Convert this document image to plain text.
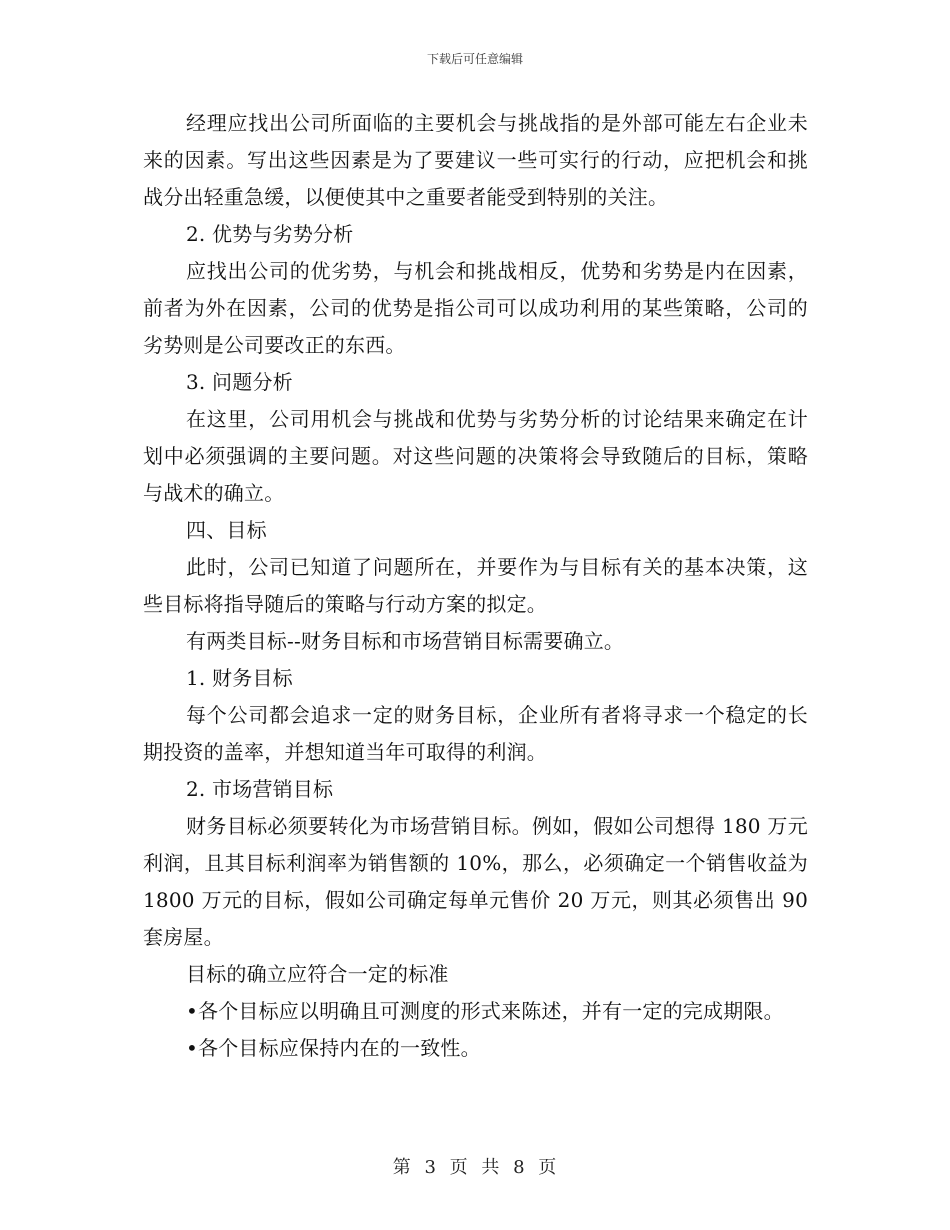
下载后可任意编辑

经理应找出公司所面临的主要机会与挑战指的是外部可能左右企业未来的因素。写出这些因素是为了要建议一些可实行的行动，应把机会和挑战分出轻重急缓，以便使其中之重要者能受到特别的关注。

2. 优势与劣势分析

应找出公司的优劣势，与机会和挑战相反，优势和劣势是内在因素，前者为外在因素，公司的优势是指公司可以成功利用的某些策略，公司的劣势则是公司要改正的东西。

3. 问题分析

在这里，公司用机会与挑战和优势与劣势分析的讨论结果来确定在计划中必须强调的主要问题。对这些问题的决策将会导致随后的目标，策略与战术的确立。

四、目标

此时，公司已知道了问题所在，并要作为与目标有关的基本决策，这些目标将指导随后的策略与行动方案的拟定。

有两类目标--财务目标和市场营销目标需要确立。

1. 财务目标

每个公司都会追求一定的财务目标，企业所有者将寻求一个稳定的长期投资的盖率，并想知道当年可取得的利润。

2. 市场营销目标

财务目标必须要转化为市场营销目标。例如，假如公司想得 180 万元利润，且其目标利润率为销售额的 10%，那么，必须确定一个销售收益为 1800 万元的目标，假如公司确定每单元售价 20 万元，则其必须售出 90 套房屋。

目标的确立应符合一定的标准

•各个目标应以明确且可测度的形式来陈述，并有一定的完成期限。

•各个目标应保持内在的一致性。

第 3 页 共 8 页
